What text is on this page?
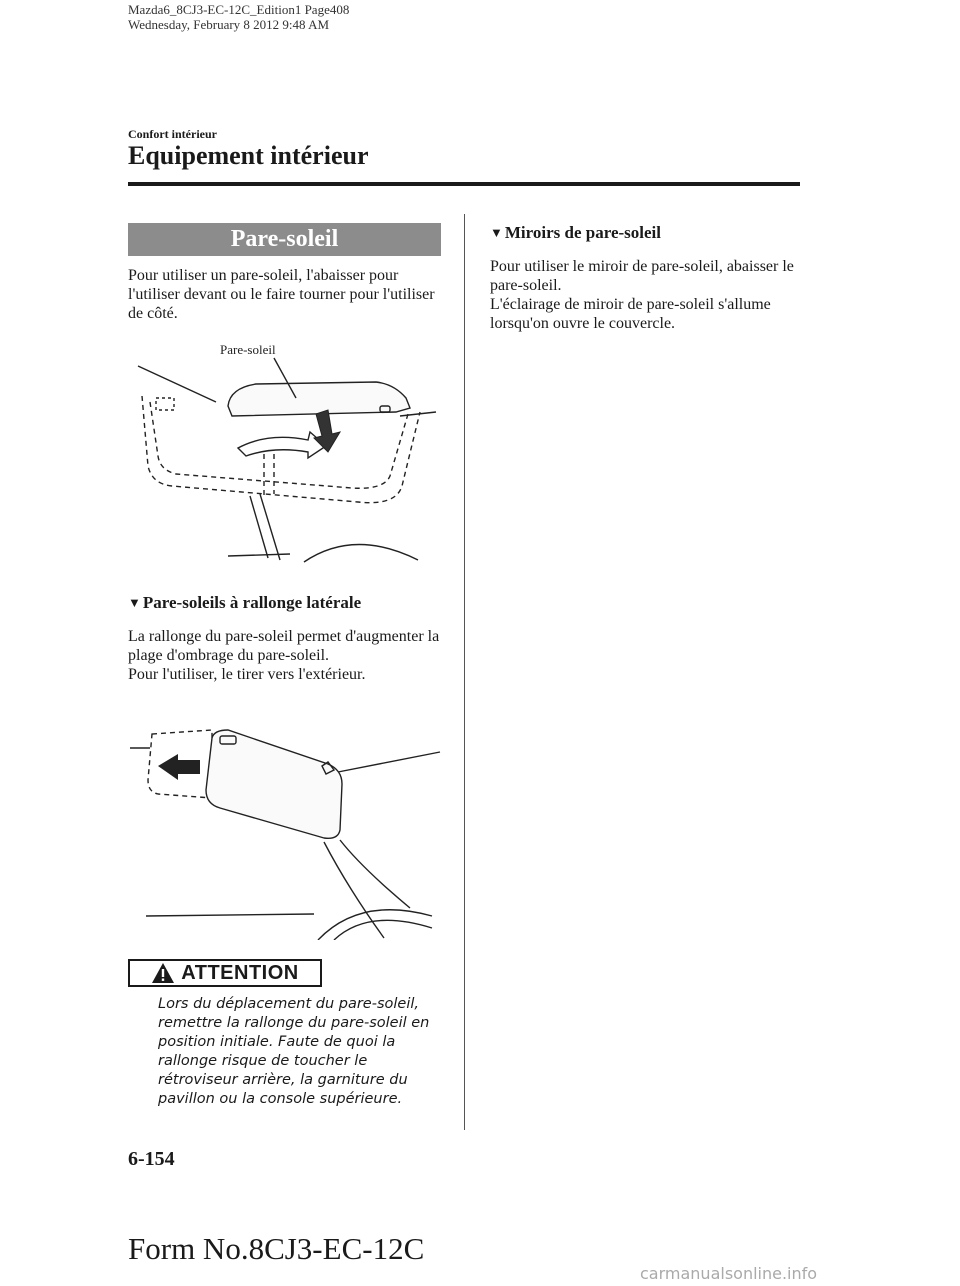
Mazda6_8CJ3-EC-12C_Edition1 Page408
Wednesday, February 8 2012 9:48 AM
Confort intérieur
Equipement intérieur
Pare-soleil
Pour utiliser un pare-soleil, l'abaisser pour l'utiliser devant ou le faire tourner pour l'utiliser de côté.
Pare-soleil
▼ Pare-soleils à rallonge latérale
La rallonge du pare-soleil permet d'augmenter la plage d'ombrage du pare-soleil.
Pour l'utiliser, le tirer vers l'extérieur.
ATTENTION
Lors du déplacement du pare-soleil, remettre la rallonge du pare-soleil en position initiale. Faute de quoi la rallonge risque de toucher le rétroviseur arrière, la garniture du pavillon ou la console supérieure.
▼ Miroirs de pare-soleil
Pour utiliser le miroir de pare-soleil, abaisser le pare-soleil.
L'éclairage de miroir de pare-soleil s'allume lorsqu'on ouvre le couvercle.
6-154
Form No.8CJ3-EC-12C
carmanualsonline.info
